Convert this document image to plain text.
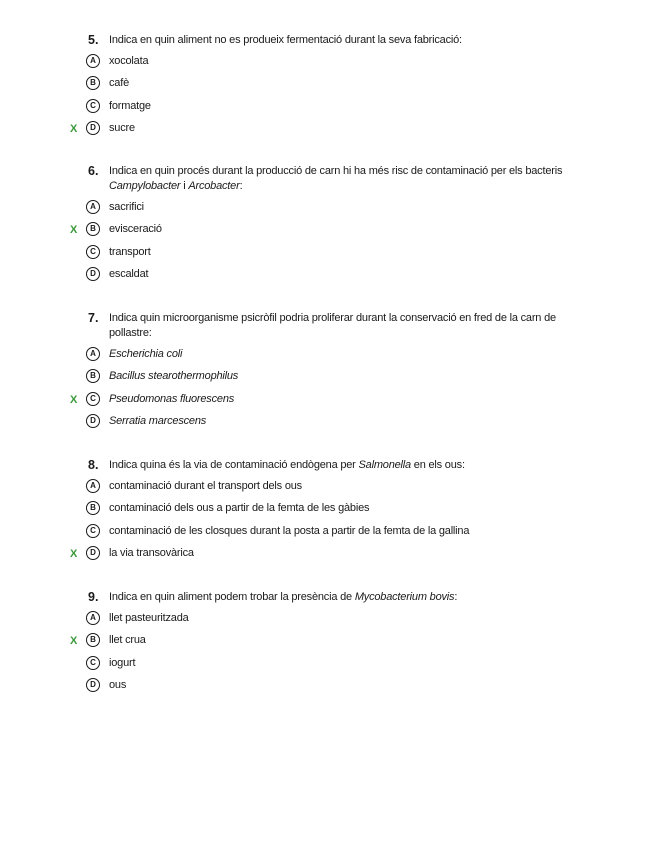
5. Indica en quin aliment no es produeix fermentació durant la seva fabricació:
A	xocolata
B	cafè
C	formatge
X	D	sucre
6. Indica en quin procés durant la producció de carn hi ha més risc de contaminació per els bacteris Campylobacter i Arcobacter:
A	sacrifici
X	B	evisceració
C	transport
D	escaldat
7. Indica quin microorganisme psicròfil podria proliferar durant la conservació en fred de la carn de pollastre:
A	Escherichia coli
B	Bacillus stearothermophilus
X	C	Pseudomonas fluorescens
D	Serratia marcescens
8. Indica quina és la via de contaminació endògena per Salmonella en els ous:
A	contaminació durant el transport dels ous
B	contaminació dels ous a partir de la femta de les gàbies
C	contaminació de les closques durant la posta a partir de la femta de la gallina
X	D	la via transovàrica
9. Indica en quin aliment podem trobar la presència de Mycobacterium bovis:
A	llet pasteuritzada
X	B	llet crua
C	iogurt
D	ous
